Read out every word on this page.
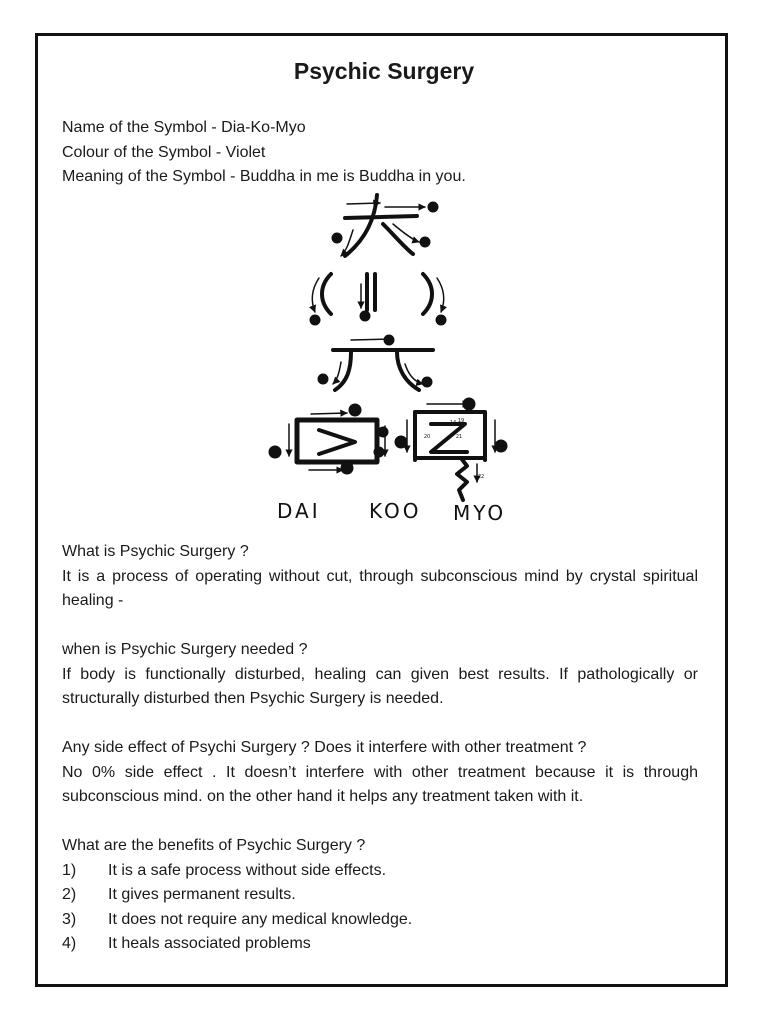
Psychic Surgery

Name of the Symbol - Dia-Ko-Myo

Colour of the Symbol - Violet

Meaning of the Symbol - Buddha in me is Buddha in you.

1
2	3
4	5	6
7
8	9
10
11
12
13
14
15
16
17
18
19
20	21
22
DAI KOO MYO

What is Psychic Surgery ?

It is a process of operating without cut, through subconscious mind by crystal spiritual healing -

when is Psychic Surgery needed ?

If body is functionally disturbed, healing can given best results. If pathologically or structurally disturbed then Psychic Surgery is needed.

Any side effect of Psychi Surgery ? Does it interfere with other treatment ?

No 0% side effect . It doesn’t interfere with other treatment because it is through subconscious mind. on the other hand it helps any treatment taken with it.

What are the benefits of Psychic Surgery ?

1)	It is a safe process without side effects.
2)	It gives permanent results.
3)	It does not require any medical knowledge.
4)	It heals associated problems
